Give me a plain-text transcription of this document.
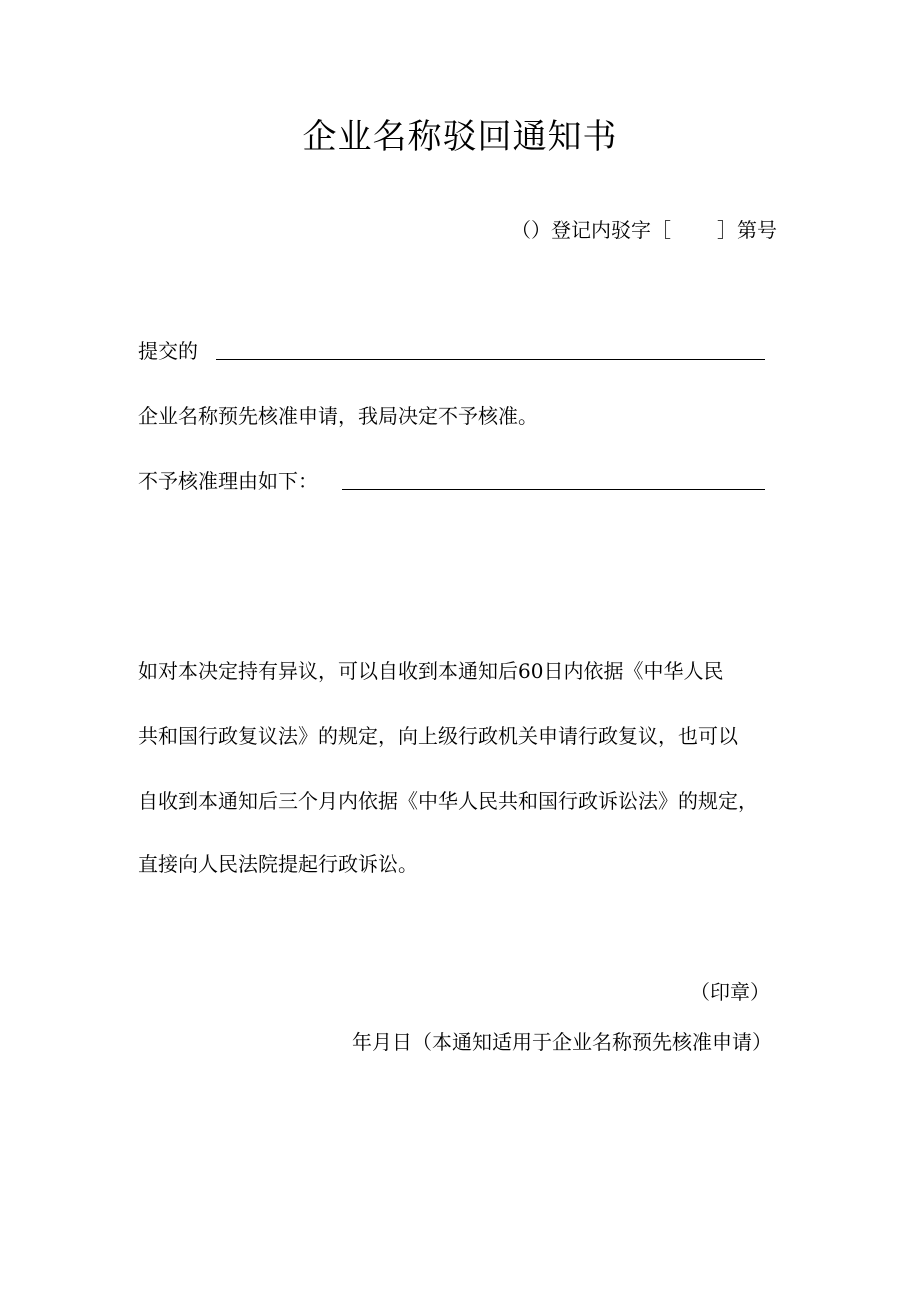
企业名称驳回通知书
（）登记内驳字［ ］第号
提交的
企业名称预先核准申请，我局决定不予核准。
不予核准理由如下：
如对本决定持有异议，可以自收到本通知后60日内依据《中华人民
共和国行政复议法》的规定，向上级行政机关申请行政复议，也可以
自收到本通知后三个月内依据《中华人民共和国行政诉讼法》的规定，
直接向人民法院提起行政诉讼。
（印章）
年月日（本通知适用于企业名称预先核准申请）
